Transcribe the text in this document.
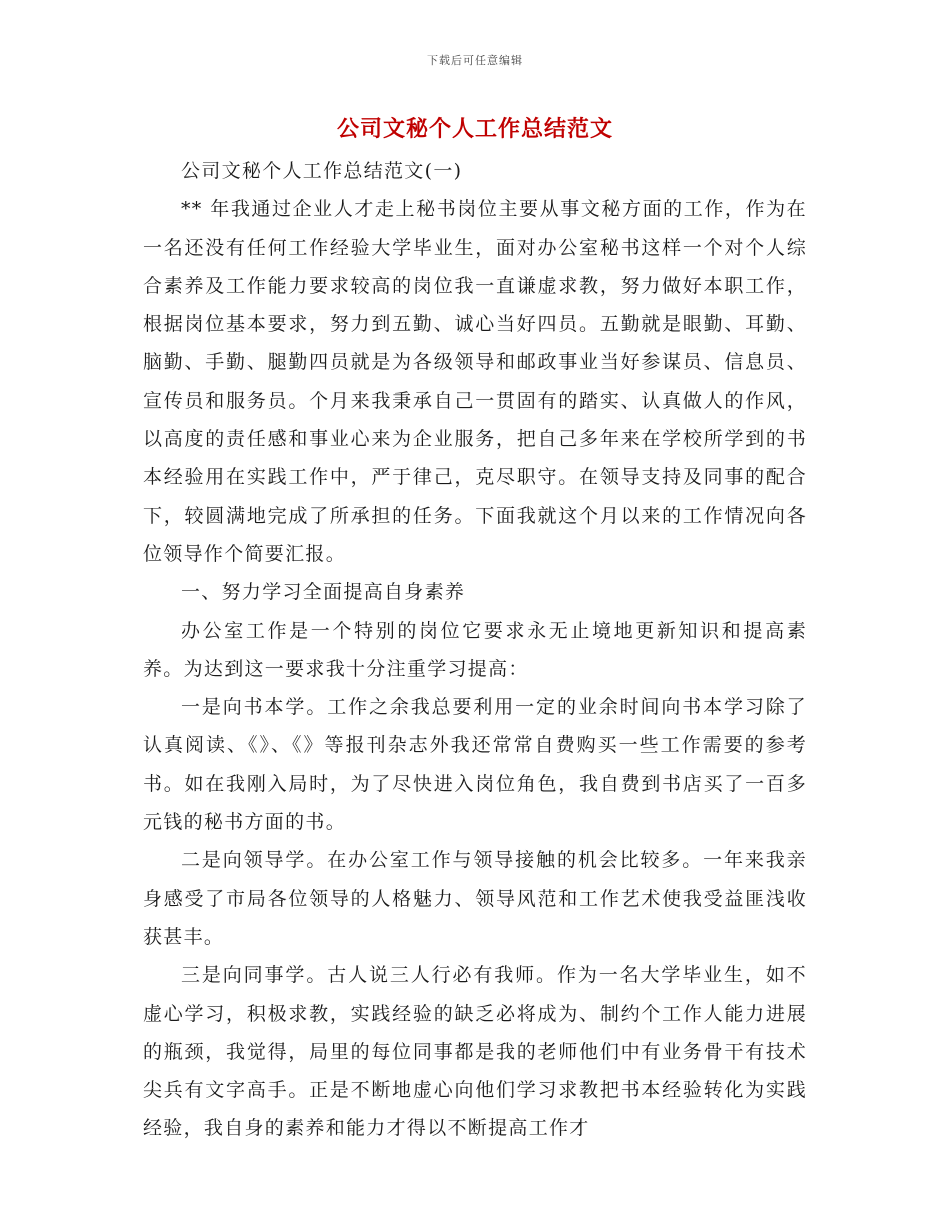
下载后可任意编辑
公司文秘个人工作总结范文

公司文秘个人工作总结范文(一)

** 年我通过企业人才走上秘书岗位主要从事文秘方面的工作，作为在一名还没有任何工作经验大学毕业生，面对办公室秘书这样一个对个人综合素养及工作能力要求较高的岗位我一直谦虚求教，努力做好本职工作，根据岗位基本要求，努力到五勤、诚心当好四员。五勤就是眼勤、耳勤、脑勤、手勤、腿勤四员就是为各级领导和邮政事业当好参谋员、信息员、宣传员和服务员。个月来我秉承自己一贯固有的踏实、认真做人的作风，以高度的责任感和事业心来为企业服务，把自己多年来在学校所学到的书本经验用在实践工作中，严于律己，克尽职守。在领导支持及同事的配合下，较圆满地完成了所承担的任务。下面我就这个月以来的工作情况向各位领导作个简要汇报。

一、努力学习全面提高自身素养

办公室工作是一个特别的岗位它要求永无止境地更新知识和提高素养。为达到这一要求我十分注重学习提高：

一是向书本学。工作之余我总要利用一定的业余时间向书本学习除了认真阅读、《》、《》等报刊杂志外我还常常自费购买一些工作需要的参考书。如在我刚入局时，为了尽快进入岗位角色，我自费到书店买了一百多元钱的秘书方面的书。

二是向领导学。在办公室工作与领导接触的机会比较多。一年来我亲身感受了市局各位领导的人格魅力、领导风范和工作艺术使我受益匪浅收获甚丰。

三是向同事学。古人说三人行必有我师。作为一名大学毕业生，如不虚心学习，积极求教，实践经验的缺乏必将成为、制约个工作人能力进展的瓶颈，我觉得，局里的每位同事都是我的老师他们中有业务骨干有技术尖兵有文字高手。正是不断地虚心向他们学习求教把书本经验转化为实践经验，我自身的素养和能力才得以不断提高工作才
